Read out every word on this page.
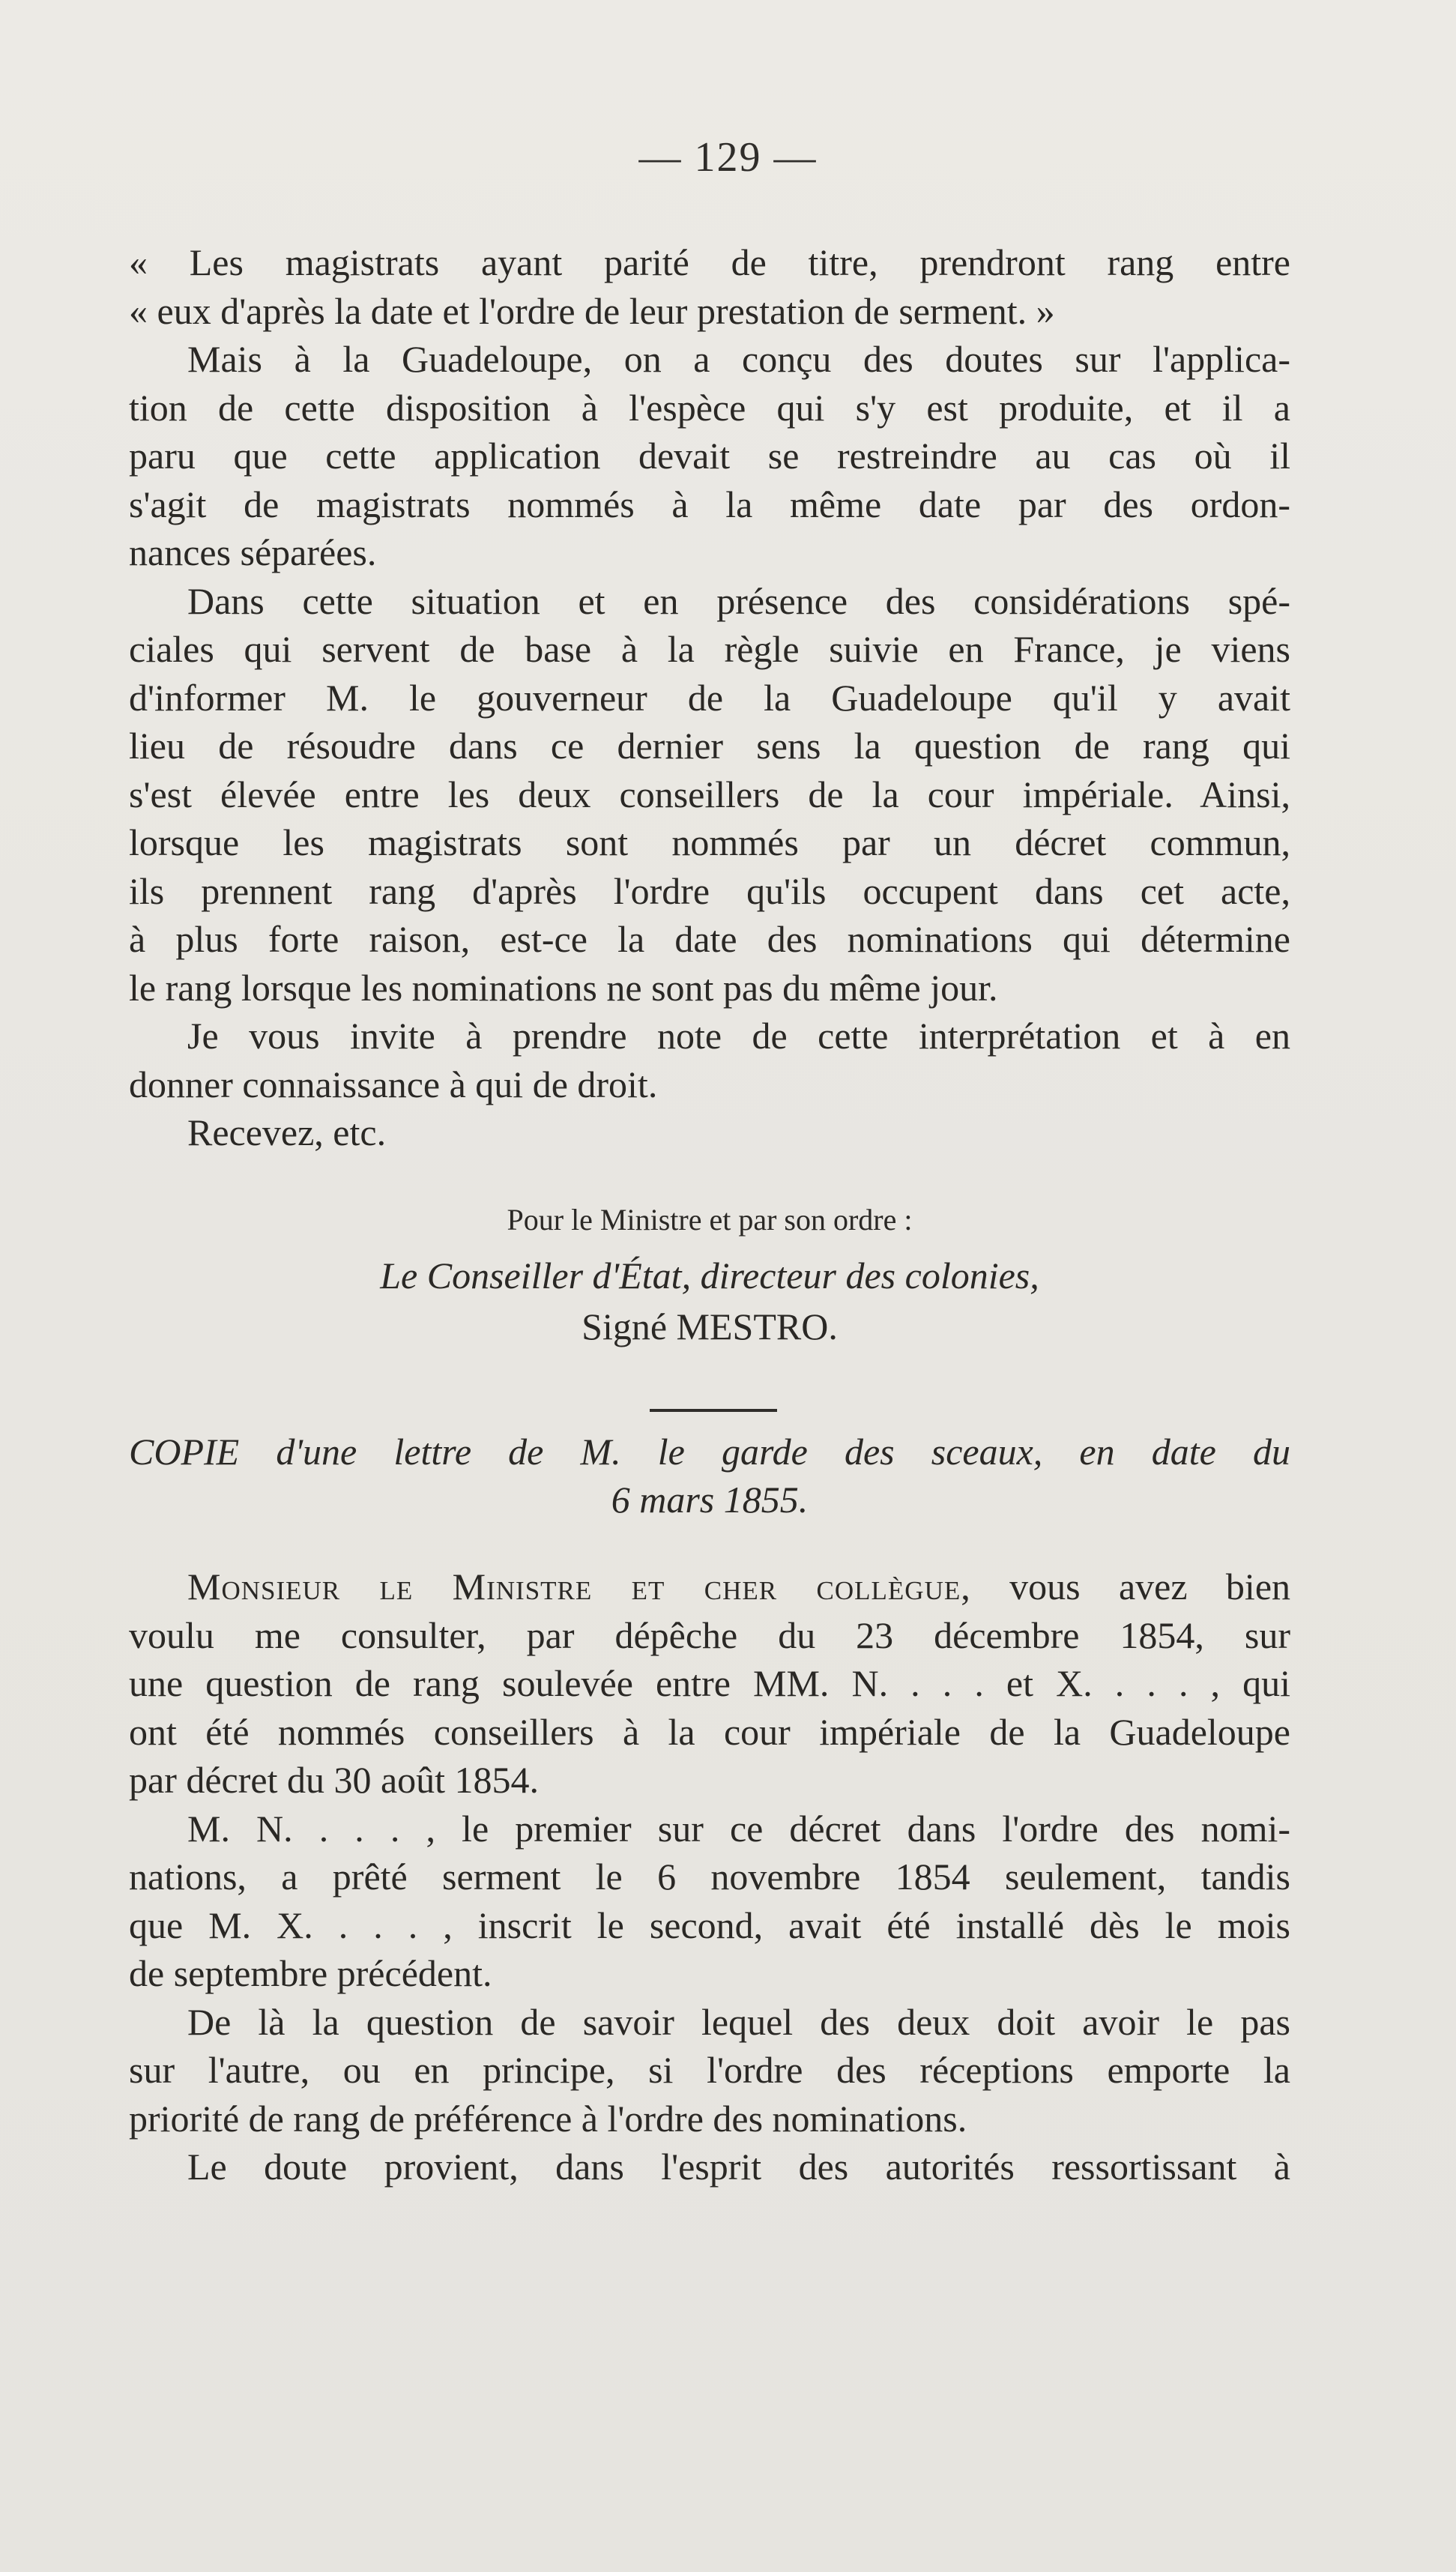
— 129 —

« Les magistrats ayant parité de titre, prendront rang entre

« eux d'après la date et l'ordre de leur prestation de serment. »

Mais à la Guadeloupe, on a conçu des doutes sur l'applica-

tion de cette disposition à l'espèce qui s'y est produite, et il a

paru que cette application devait se restreindre au cas où il

s'agit de magistrats nommés à la même date par des ordon-

nances séparées.

Dans cette situation et en présence des considérations spé-

ciales qui servent de base à la règle suivie en France, je viens

d'informer M. le gouverneur de la Guadeloupe qu'il y avait

lieu de résoudre dans ce dernier sens la question de rang qui

s'est élevée entre les deux conseillers de la cour impériale. Ainsi,

lorsque les magistrats sont nommés par un décret commun,

ils prennent rang d'après l'ordre qu'ils occupent dans cet acte,

à plus forte raison, est-ce la date des nominations qui détermine

le rang lorsque les nominations ne sont pas du même jour.

Je vous invite à prendre note de cette interprétation et à en

donner connaissance à qui de droit.

Recevez, etc.

Pour le Ministre et par son ordre :
Le Conseiller d'État, directeur des colonies,
Signé MESTRO.
COPIE d'une lettre de M. le garde des sceaux, en date du
6 mars 1855.

Monsieur le Ministre et cher collègue, vous avez bien

voulu me consulter, par dépêche du 23 décembre 1854, sur

une question de rang soulevée entre MM. N. . . . et X. . . . , qui

ont été nommés conseillers à la cour impériale de la Guadeloupe

par décret du 30 août 1854.

M. N. . . . , le premier sur ce décret dans l'ordre des nomi-

nations, a prêté serment le 6 novembre 1854 seulement, tandis

que M. X. . . . , inscrit le second, avait été installé dès le mois

de septembre précédent.

De là la question de savoir lequel des deux doit avoir le pas

sur l'autre, ou en principe, si l'ordre des réceptions emporte la

priorité de rang de préférence à l'ordre des nominations.

Le doute provient, dans l'esprit des autorités ressortissant à
